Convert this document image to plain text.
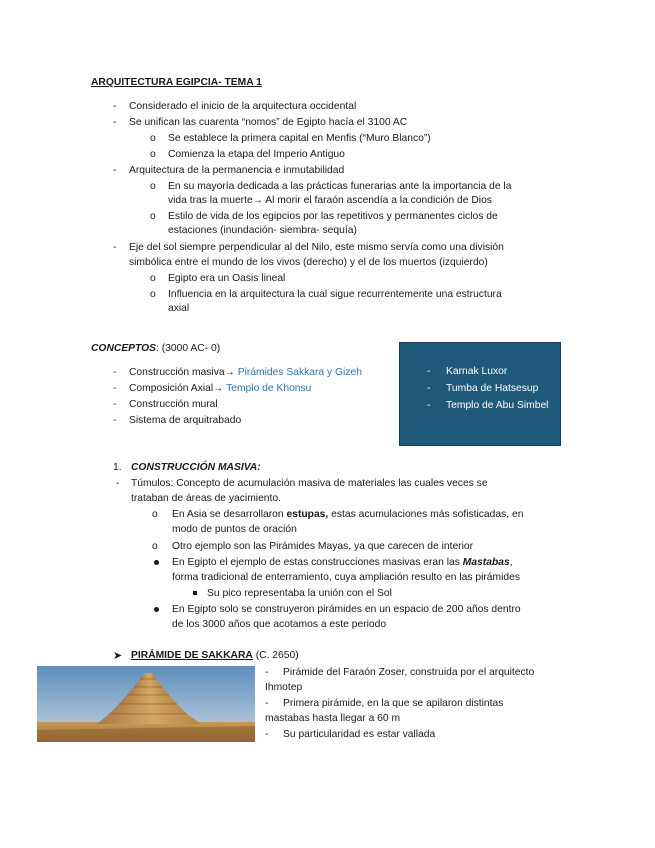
ARQUITECTURA EGIPCIA- TEMA 1
- Considerado el inicio de la arquitectura occidental
- Se unifican las cuarenta “nomos” de Egipto hacía el 3100 AC
o Se establece la primera capital en Menfis (“Muro Blanco”)
o Comienza la etapa del Imperio Antiguo
- Arquitectura de la permanencia e inmutabilidad
o En su mayoría dedicada a las prácticas funerarias ante la importancia de la
vida tras la muerte→ Al morir el faraón ascendía a la condición de Dios
o Estilo de vida de los egipcios por las repetitivos y permanentes ciclos de
estaciones (inundación- siembra- sequía)
- Eje del sol siempre perpendicular al del Nilo, este mismo servía como una división
simbólica entre el mundo de los vivos (derecho) y el de los muertos (izquierdo)
o Egipto era un Oasis lineal
o Influencia en la arquitectura la cual sigue recurrentemente una estructura
axial
CONCEPTOS: (3000 AC- 0)
- Construcción masiva→ Pirámides Sakkara y Gizeh
- Composición Axial→ Templo de Khonsu
- Construcción mural
- Sistema de arquitrabado
- Karnak Luxor
- Tumba de Hatsesup
- Templo de Abu Simbel
1. CONSTRUCCIÓN MASIVA:
- Túmulos: Concepto de acumulación masiva de materiales las cuales veces se
trataban de áreas de yacimiento.
o En Asia se desarrollaron estupas, estas acumulaciones más sofisticadas, en
modo de puntos de oración
o Otro ejemplo son las Pirámides Mayas, ya que carecen de interior
En Egipto el ejemplo de estas construcciones masivas eran las Mastabas,
forma tradicional de enterramiento, cuya ampliación resulto en las pirámides
Su pico representaba la unión con el Sol
En Egipto solo se construyeron pirámides en un espacio de 200 años dentro
de los 3000 años que acotamos a este periodo
➤ PIRÁMIDE DE SAKKARA (C. 2650)
- Pirámide del Faraón Zoser, construida por el arquitecto
Ihmotep
- Primera pirámide, en la que se apilaron distintas
mastabas hasta llegar a 60 m
- Su particularidad es estar vallada
